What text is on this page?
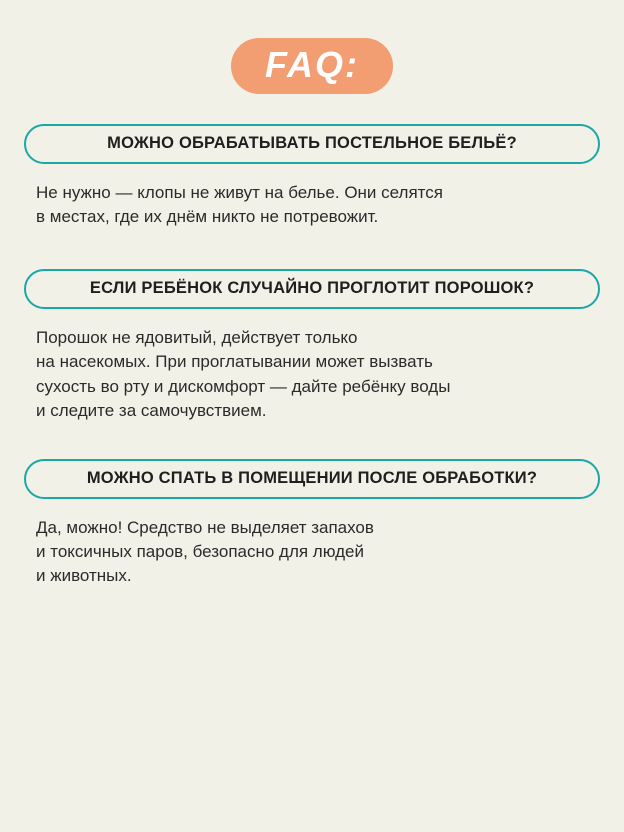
FAQ:
МОЖНО ОБРАБАТЫВАТЬ ПОСТЕЛЬНОЕ БЕЛЬЁ?
Не нужно — клопы не живут на белье. Они селятся
в местах, где их днём никто не потревожит.
ЕСЛИ РЕБЁНОК СЛУЧАЙНО ПРОГЛОТИТ ПОРОШОК?
Порошок не ядовитый, действует только
на насекомых. При проглатывании может вызвать
сухость во рту и дискомфорт — дайте ребёнку воды
и следите за самочувствием.
МОЖНО СПАТЬ В ПОМЕЩЕНИИ ПОСЛЕ ОБРАБОТКИ?
Да, можно! Средство не выделяет запахов
и токсичных паров, безопасно для людей
и животных.
